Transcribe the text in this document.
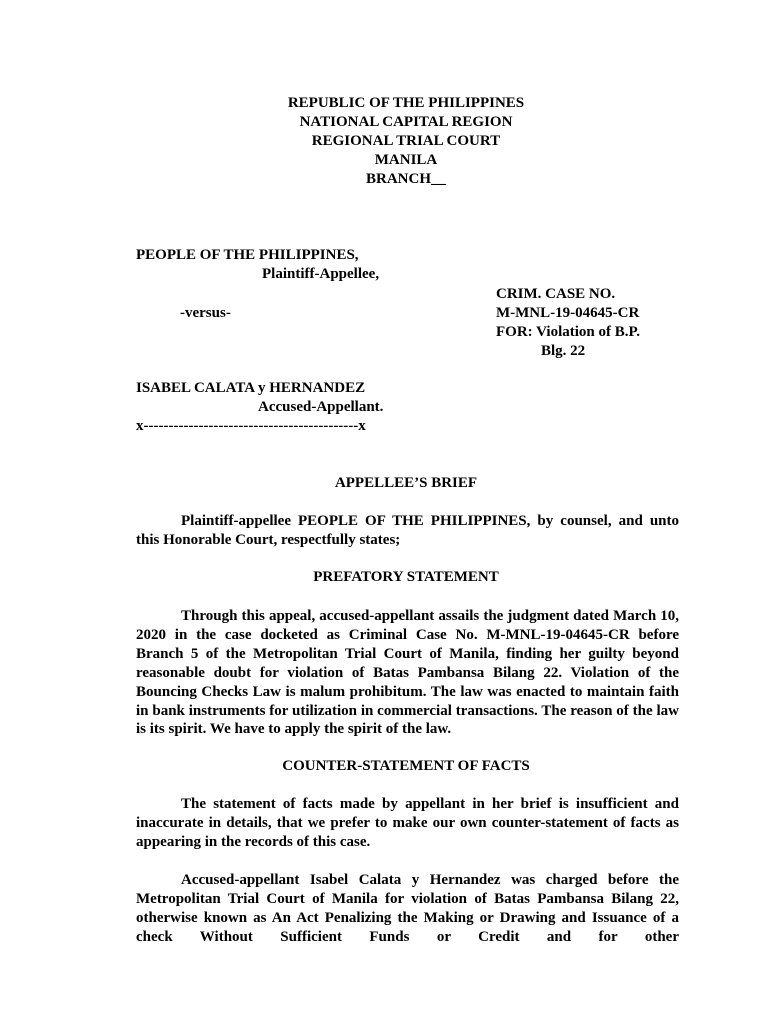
REPUBLIC OF THE PHILIPPINES
NATIONAL CAPITAL REGION
REGIONAL TRIAL COURT
MANILA
BRANCH__
PEOPLE OF THE PHILIPPINES,
Plaintiff-Appellee,
CRIM. CASE NO.
-versus-	M-MNL-19-04645-CR
FOR: Violation of B.P.
Blg. 22
ISABEL CALATA y HERNANDEZ
Accused-Appellant.
x-------------------------------------------x
APPELLEE’S BRIEF
Plaintiff-appellee PEOPLE OF THE PHILIPPINES, by counsel, and unto this Honorable Court, respectfully states;
PREFATORY STATEMENT
Through this appeal, accused-appellant assails the judgment dated March 10, 2020 in the case docketed as Criminal Case No. M-MNL-19-04645-CR before Branch 5 of the Metropolitan Trial Court of Manila, finding her guilty beyond reasonable doubt for violation of Batas Pambansa Bilang 22. Violation of the Bouncing Checks Law is malum prohibitum. The law was enacted to maintain faith in bank instruments for utilization in commercial transactions. The reason of the law is its spirit. We have to apply the spirit of the law.
COUNTER-STATEMENT OF FACTS
The statement of facts made by appellant in her brief is insufficient and inaccurate in details, that we prefer to make our own counter-statement of facts as appearing in the records of this case.
Accused-appellant Isabel Calata y Hernandez was charged before the Metropolitan Trial Court of Manila for violation of Batas Pambansa Bilang 22, otherwise known as An Act Penalizing the Making or Drawing and Issuance of a check Without Sufficient Funds or Credit and for other
